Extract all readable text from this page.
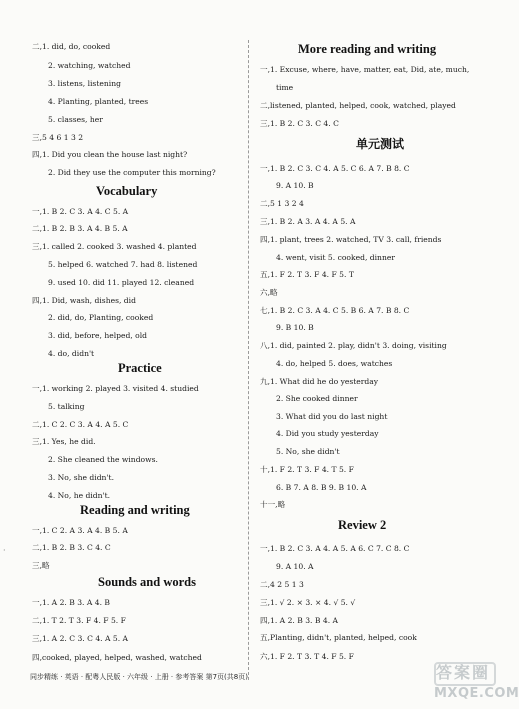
二,1. did, do, cooked
2. watching, watched
3. listens, listening
4. Planting, planted, trees
5. classes, her
三,5 4 6 1 3 2
四,1. Did you clean the house last night?
2. Did they use the computer this morning?
Vocabulary
一,1. B 2. C 3. A 4. C 5. A
二,1. B 2. B 3. A 4. B 5. A
三,1. called 2. cooked 3. washed 4. planted
5. helped 6. watched 7. had 8. listened
9. used 10. did 11. played 12. cleaned
四,1. Did, wash, dishes, did
2. did, do, Planting, cooked
3. did, before, helped, old
4. do, didn't
Practice
一,1. working 2. played 3. visited 4. studied
5. talking
二,1. C 2. C 3. A 4. A 5. C
三,1. Yes, he did.
2. She cleaned the windows.
3. No, she didn't.
4. No, he didn't.
Reading and writing
一,1. C 2. A 3. A 4. B 5. A
二,1. B 2. B 3. C 4. C
三,略
Sounds and words
一,1. A 2. B 3. A 4. B
二,1. T 2. T 3. F 4. F 5. F
三,1. A 2. C 3. C 4. A 5. A
四,cooked, played, helped, washed, watched
More reading and writing
一,1. Excuse, where, have, matter, eat, Did, ate, much,
time
二,listened, planted, helped, cook, watched, played
三,1. B 2. C 3. C 4. C
单元测试
一,1. B 2. C 3. C 4. A 5. C 6. A 7. B 8. C
9. A 10. B
二,5 1 3 2 4
三,1. B 2. A 3. A 4. A 5. A
四,1. plant, trees 2. watched, TV 3. call, friends
4. went, visit 5. cooked, dinner
五,1. F 2. T 3. F 4. F 5. T
六,略
七,1. B 2. C 3. A 4. C 5. B 6. A 7. B 8. C
9. B 10. B
八,1. did, painted 2. play, didn't 3. doing, visiting
4. do, helped 5. does, watches
九,1. What did he do yesterday
2. She cooked dinner
3. What did you do last night
4. Did you study yesterday
5. No, she didn't
十,1. F 2. T 3. F 4. T 5. F
6. B 7. A 8. B 9. B 10. A
十一,略
Review 2
一,1. B 2. C 3. A 4. A 5. A 6. C 7. C 8. C
9. A 10. A
二,4 2 5 1 3
三,1. √ 2. × 3. × 4. √ 5. √
四,1. A 2. B 3. B 4. A
五,Planting, didn't, planted, helped, cook
六,1. F 2. T 3. T 4. F 5. F
同步精练 · 英语 · 配粤人民版 · 六年级 · 上册 · 参考答案 第7页(共8页)	答案圈
MXQE.COM
·
